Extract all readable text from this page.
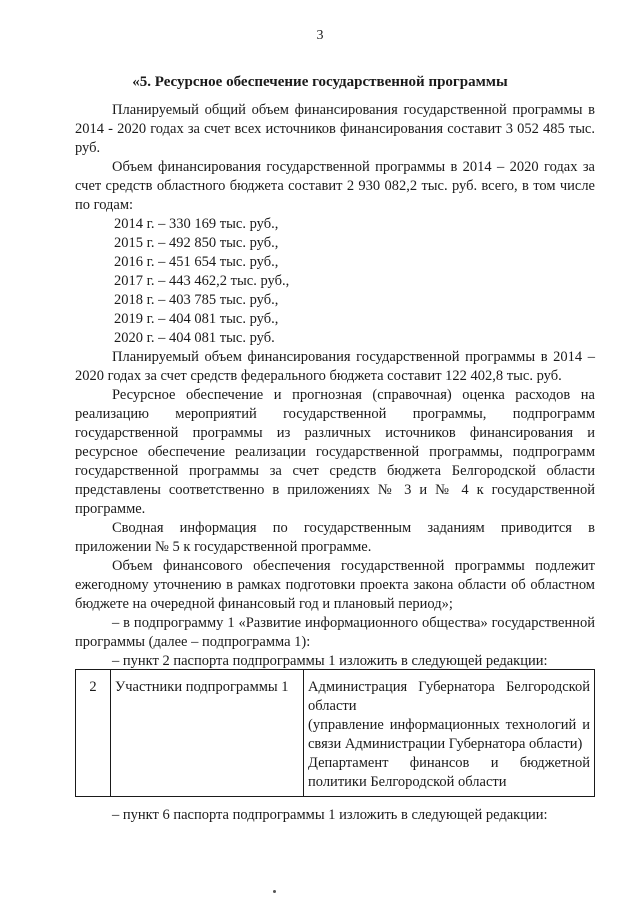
3
«5. Ресурсное обеспечение государственной программы

Планируемый общий объем финансирования государственной программы в 2014 - 2020 годах за счет всех источников финансирования составит 3 052 485 тыс. руб.

Объем финансирования государственной программы в 2014 – 2020 годах за счет средств областного бюджета составит 2 930 082,2 тыс. руб. всего, в том числе по годам:

2014 г. – 330 169 тыс. руб.,

2015 г. – 492 850 тыс. руб.,

2016 г. – 451 654 тыс. руб.,

2017 г. – 443 462,2 тыс. руб.,

2018 г. – 403 785 тыс. руб.,

2019 г. – 404 081 тыс. руб.,

2020 г. – 404 081 тыс. руб.

Планируемый объем финансирования государственной программы в 2014 – 2020 годах за счет средств федерального бюджета составит 122 402,8 тыс. руб.

Ресурсное обеспечение и прогнозная (справочная) оценка расходов на реализацию мероприятий государственной программы, подпрограмм государственной программы из различных источников финансирования и ресурсное обеспечение реализации государственной программы, подпрограмм государственной программы за счет средств бюджета Белгородской области представлены соответственно в приложениях № 3 и № 4 к государственной программе.

Сводная информация по государственным заданиям приводится в приложении № 5 к государственной программе.

Объем финансового обеспечения государственной программы подлежит ежегодному уточнению в рамках подготовки проекта закона области об областном бюджете на очередной финансовый год и плановый период»;

– в подпрограмму 1 «Развитие информационного общества» государственной программы (далее – подпрограмма 1):

– пункт 2 паспорта подпрограммы 1 изложить в следующей редакции:

2	Участники подпрограммы 1	Администрация Губернатора Белгородской области
(управление информационных технологий и связи Администрации Губернатора области)
Департамент финансов и бюджетной политики Белгородской области
– пункт 6 паспорта подпрограммы 1 изложить в следующей редакции:
